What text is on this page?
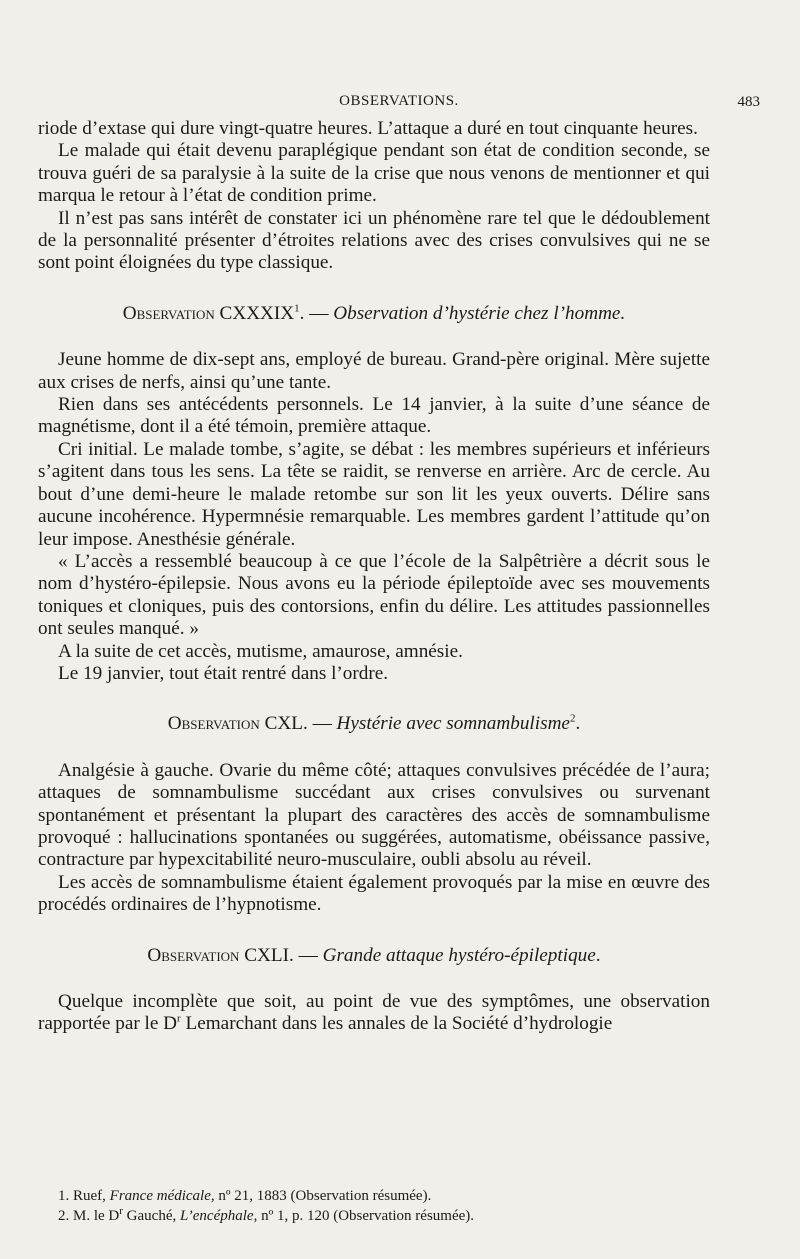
OBSERVATIONS.	483

riode d’extase qui dure vingt-quatre heures. L’attaque a duré en tout cinquante heures.

Le malade qui était devenu paraplégique pendant son état de condition seconde, se trouva guéri de sa paralysie à la suite de la crise que nous venons de mentionner et qui marqua le retour à l’état de condition prime.

Il n’est pas sans intérêt de constater ici un phénomène rare tel que le dédoublement de la personnalité présenter d’étroites relations avec des crises convulsives qui ne se sont point éloignées du type classique.

Observation CXXXIX$^1$. — Observation d’hystérie chez l’homme.

Jeune homme de dix-sept ans, employé de bureau. Grand-père original. Mère sujette aux crises de nerfs, ainsi qu’une tante.

Rien dans ses antécédents personnels. Le 14 janvier, à la suite d’une séance de magnétisme, dont il a été témoin, première attaque.

Cri initial. Le malade tombe, s’agite, se débat : les membres supérieurs et inférieurs s’agitent dans tous les sens. La tête se raidit, se renverse en arrière. Arc de cercle. Au bout d’une demi-heure le malade retombe sur son lit les yeux ouverts. Délire sans aucune incohérence. Hypermnésie remarquable. Les membres gardent l’attitude qu’on leur impose. Anesthésie générale.

« L’accès a ressemblé beaucoup à ce que l’école de la Salpêtrière a décrit sous le nom d’hystéro-épilepsie. Nous avons eu la période épileptoïde avec ses mouvements toniques et cloniques, puis des contorsions, enfin du délire. Les attitudes passionnelles ont seules manqué. »

A la suite de cet accès, mutisme, amaurose, amnésie.

Le 19 janvier, tout était rentré dans l’ordre.

Observation CXL. — Hystérie avec somnambulisme$^2$.

Analgésie à gauche. Ovarie du même côté; attaques convulsives précédée de l’aura; attaques de somnambulisme succédant aux crises convulsives ou survenant spontanément et présentant la plupart des caractères des accès de somnambulisme provoqué : hallucinations spontanées ou suggérées, automatisme, obéissance passive, contracture par hypexcitabilité neuro-musculaire, oubli absolu au réveil.

Les accès de somnambulisme étaient également provoqués par la mise en œuvre des procédés ordinaires de l’hypnotisme.

Observation CXLI. — Grande attaque hystéro-épileptique.

Quelque incomplète que soit, au point de vue des symptômes, une observation rapportée par le $D^r$ Lemarchant dans les annales de la Société d’hydrologie

1. Ruef, France médicale, nº 21, 1883 (Observation résumée).

2. M. le $D^r$ Gauché, L’encéphale, nº 1, p. 120 (Observation résumée).
